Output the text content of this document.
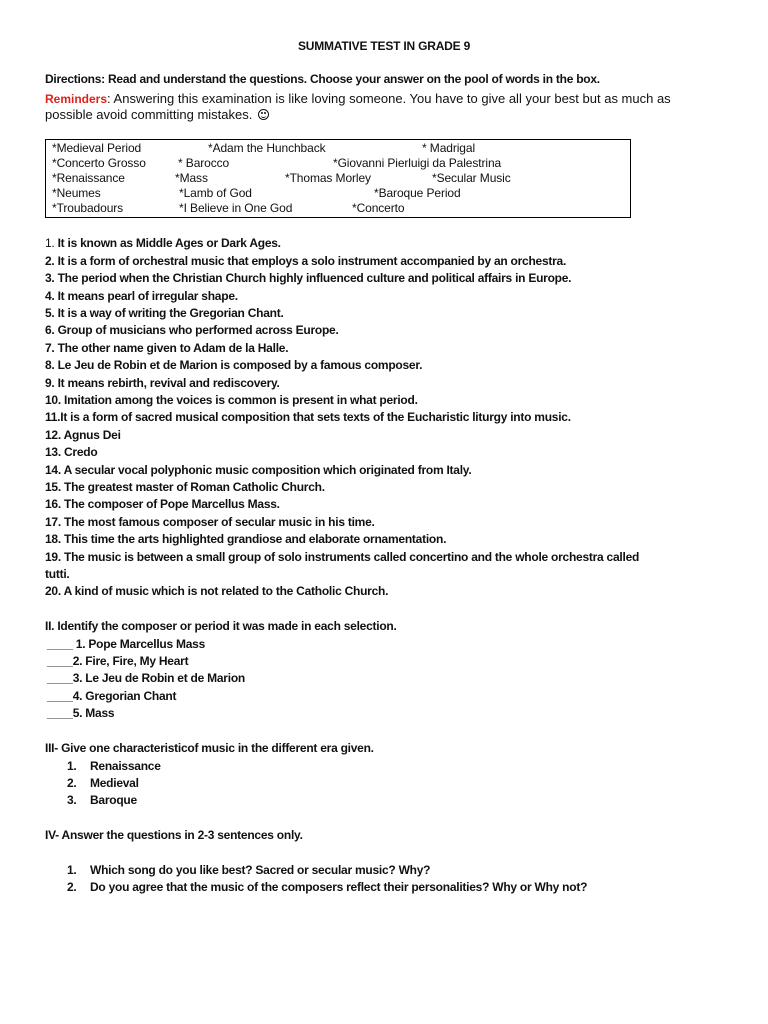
SUMMATIVE TEST IN GRADE 9
Directions: Read and understand the questions. Choose your answer on the pool of words in the box.
Reminders: Answering this examination is like loving someone. You have to give all your best but as much as possible avoid committing mistakes.
*Medieval Period	*Adam the Hunchback	* Madrigal
*Concerto Grosso	* Barocco	*Giovanni Pierluigi da Palestrina
*Renaissance	*Mass	*Thomas Morley	*Secular Music
*Neumes	*Lamb of God	*Baroque Period
*Troubadours	*I Believe in One God	*Concerto
1. It is known as Middle Ages or Dark Ages.
2. It is a form of orchestral music that employs a solo instrument accompanied by an orchestra.
3. The period when the Christian Church highly influenced culture and political affairs in Europe.
4. It means pearl of irregular shape.
5. It is a way of writing the Gregorian Chant.
6. Group of musicians who performed across Europe.
7. The other name given to Adam de la Halle.
8. Le Jeu de Robin et de Marion is composed by a famous composer.
9. It means rebirth, revival and rediscovery.
10. Imitation among the voices is common is present in what period.
11.It is a form of sacred musical composition that sets texts of the Eucharistic liturgy into music.
12. Agnus Dei
13. Credo
14. A secular vocal polyphonic music composition which originated from Italy.
15. The greatest master of Roman Catholic Church.
16. The composer of Pope Marcellus Mass.
17. The most famous composer of secular music in his time.
18. This time the arts highlighted grandiose and elaborate ornamentation.
19. The music is between a small group of solo instruments called concertino and the whole orchestra called
tutti.
20. A kind of music which is not related to the Catholic Church.
II. Identify the composer or period it was made in each selection.
____ 1. Pope Marcellus Mass
____2. Fire, Fire, My Heart
____3. Le Jeu de Robin et de Marion
____4. Gregorian Chant
____5. Mass
III- Give one characteristicof music in the different era given.
1. Renaissance
2. Medieval
3. Baroque
IV- Answer the questions in 2-3 sentences only.
1. Which song do you like best? Sacred or secular music? Why?
2. Do you agree that the music of the composers reflect their personalities? Why or Why not?
